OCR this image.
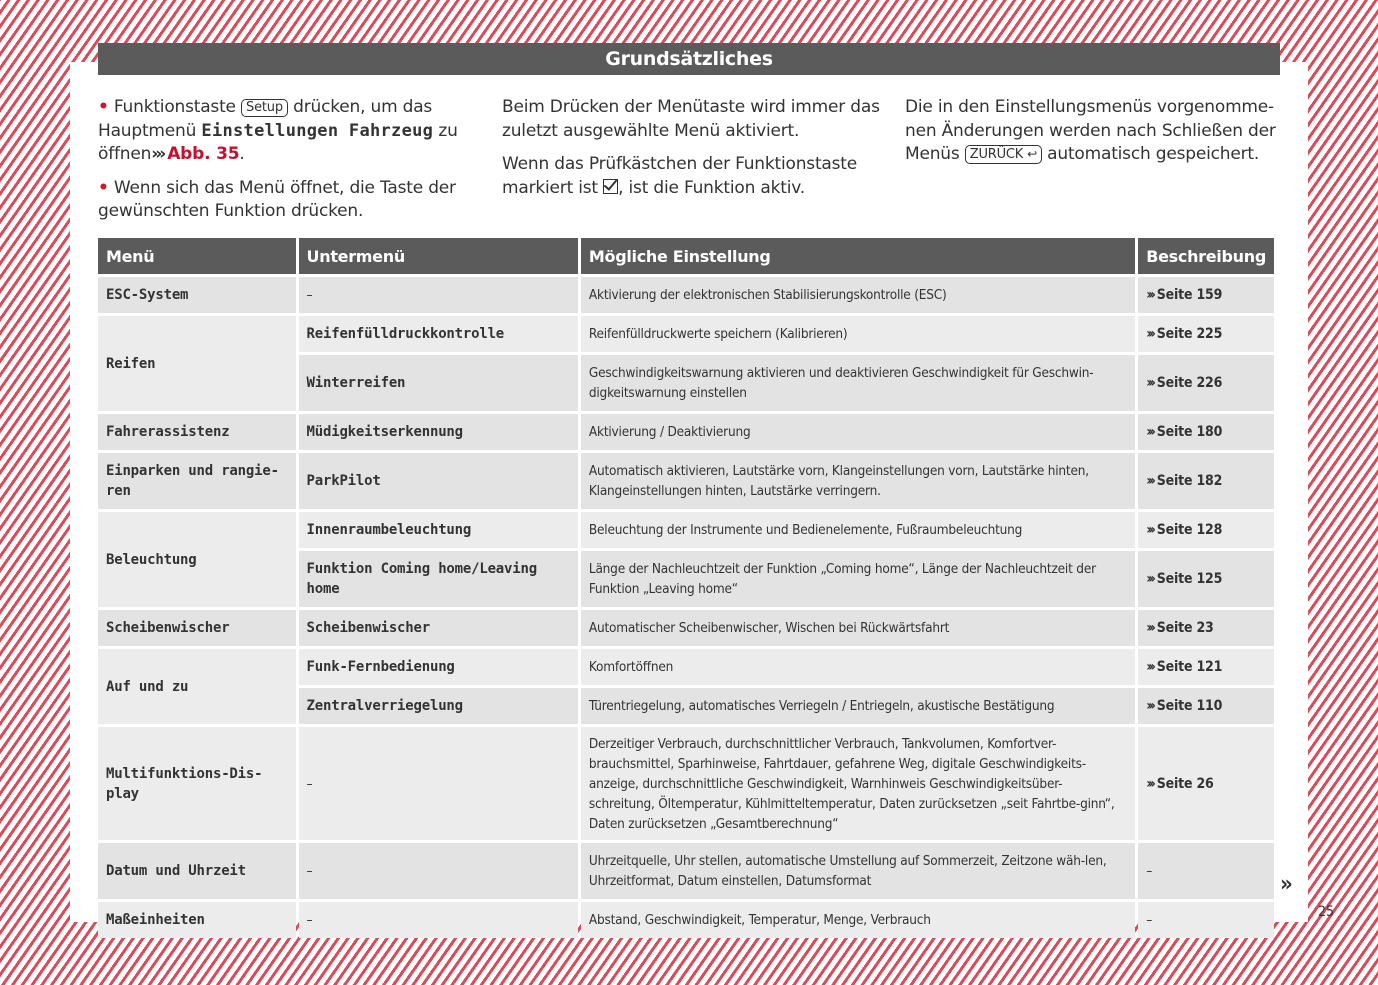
Grundsätzliches

• Funktionstaste Setup drücken, um das Hauptmenü Einstellungen Fahrzeug zu öffnen››› Abb. 35.

• Wenn sich das Menü öffnet, die Taste der gewünschten Funktion drücken.

Beim Drücken der Menütaste wird immer das zuletzt ausgewählte Menü aktiviert.

Wenn das Prüfkästchen der Funktionstaste markiert ist , ist die Funktion aktiv.

Die in den Einstellungsmenüs vorgenomme-nen Änderungen werden nach Schließen der Menüs ZURÜCK ↩ automatisch gespeichert.

Menü	Untermenü	Mögliche Einstellung	Beschreibung
ESC-System	–	Aktivierung der elektronischen Stabilisierungskontrolle (ESC)	››› Seite 159
Reifen	Reifenfülldruckkontrolle	Reifenfülldruckwerte speichern (Kalibrieren)	››› Seite 225
	Winterreifen	Geschwindigkeitswarnung aktivieren und deaktivieren Geschwindigkeit für Geschwin-digkeitswarnung einstellen	››› Seite 226
Fahrerassistenz	Müdigkeitserkennung	Aktivierung / Deaktivierung	››› Seite 180
Einparken und rangie-ren	ParkPilot	Automatisch aktivieren, Lautstärke vorn, Klangeinstellungen vorn, Lautstärke hinten, Klangeinstellungen hinten, Lautstärke verringern.	››› Seite 182
Beleuchtung	Innenraumbeleuchtung	Beleuchtung der Instrumente und Bedienelemente, Fußraumbeleuchtung	››› Seite 128
	Funktion Coming home/Leaving home	Länge der Nachleuchtzeit der Funktion „Coming home“, Länge der Nachleuchtzeit der Funktion „Leaving home“	››› Seite 125
Scheibenwischer	Scheibenwischer	Automatischer Scheibenwischer, Wischen bei Rückwärtsfahrt	››› Seite 23
Auf und zu	Funk-Fernbedienung	Komfortöffnen	››› Seite 121
	Zentralverriegelung	Türentriegelung, automatisches Verriegeln / Entriegeln, akustische Bestätigung	››› Seite 110
Multifunktions-Dis-play	–	Derzeitiger Verbrauch, durchschnittlicher Verbrauch, Tankvolumen, Komfortver-brauchsmittel, Sparhinweise, Fahrtdauer, gefahrene Weg, digitale Geschwindigkeits-anzeige, durchschnittliche Geschwindigkeit, Warnhinweis Geschwindigkeitsüber-schreitung, Öltemperatur, Kühlmitteltemperatur, Daten zurücksetzen „seit Fahrtbe-ginn“, Daten zurücksetzen „Gesamtberechnung“	››› Seite 26
Datum und Uhrzeit	–	Uhrzeitquelle, Uhr stellen, automatische Umstellung auf Sommerzeit, Zeitzone wäh-len, Uhrzeitformat, Datum einstellen, Datumsformat	–
Maßeinheiten	–	Abstand, Geschwindigkeit, Temperatur, Menge, Verbrauch	–
»
25
